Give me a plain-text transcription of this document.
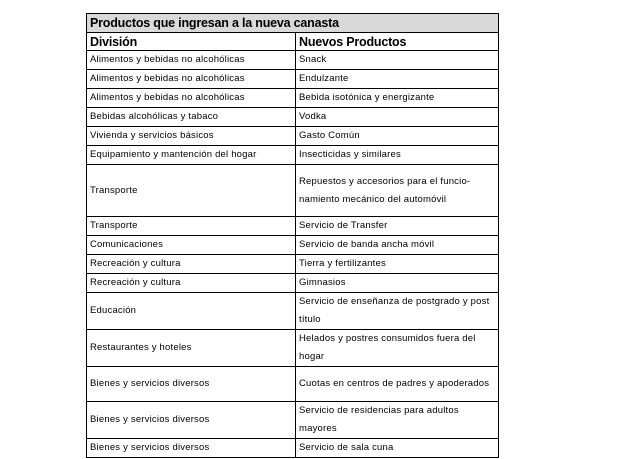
Productos que ingresan a la nueva canasta	
División	Nuevos Productos
Alimentos y bebidas no alcohólicas	Snack
Alimentos y bebidas no alcohólicas	Endulzante
Alimentos y bebidas no alcohólicas	Bebida isotónica y energizante
Bebidas alcohólicas y tabaco	Vodka
Vivienda y servicios básicos	Gasto Común
Equipamiento y mantención del hogar	Insecticidas y similares
Transporte	Repuestos y accesorios para el funcio-namiento mecánico del automóvil
Transporte	Servicio de Transfer
Comunicaciones	Servicio de banda ancha móvil
Recreación y cultura	Tierra y fertilizantes
Recreación y cultura	Gimnasios
Educación	Servicio de enseñanza de postgrado y post título
Restaurantes y hoteles	Helados y postres consumidos fuera del hogar
Bienes y servicios diversos	Cuotas en centros de padres y apoderados
Bienes y servicios diversos	Servicio de residencias para adultos mayores
Bienes y servicios diversos	Servicio de sala cuna
